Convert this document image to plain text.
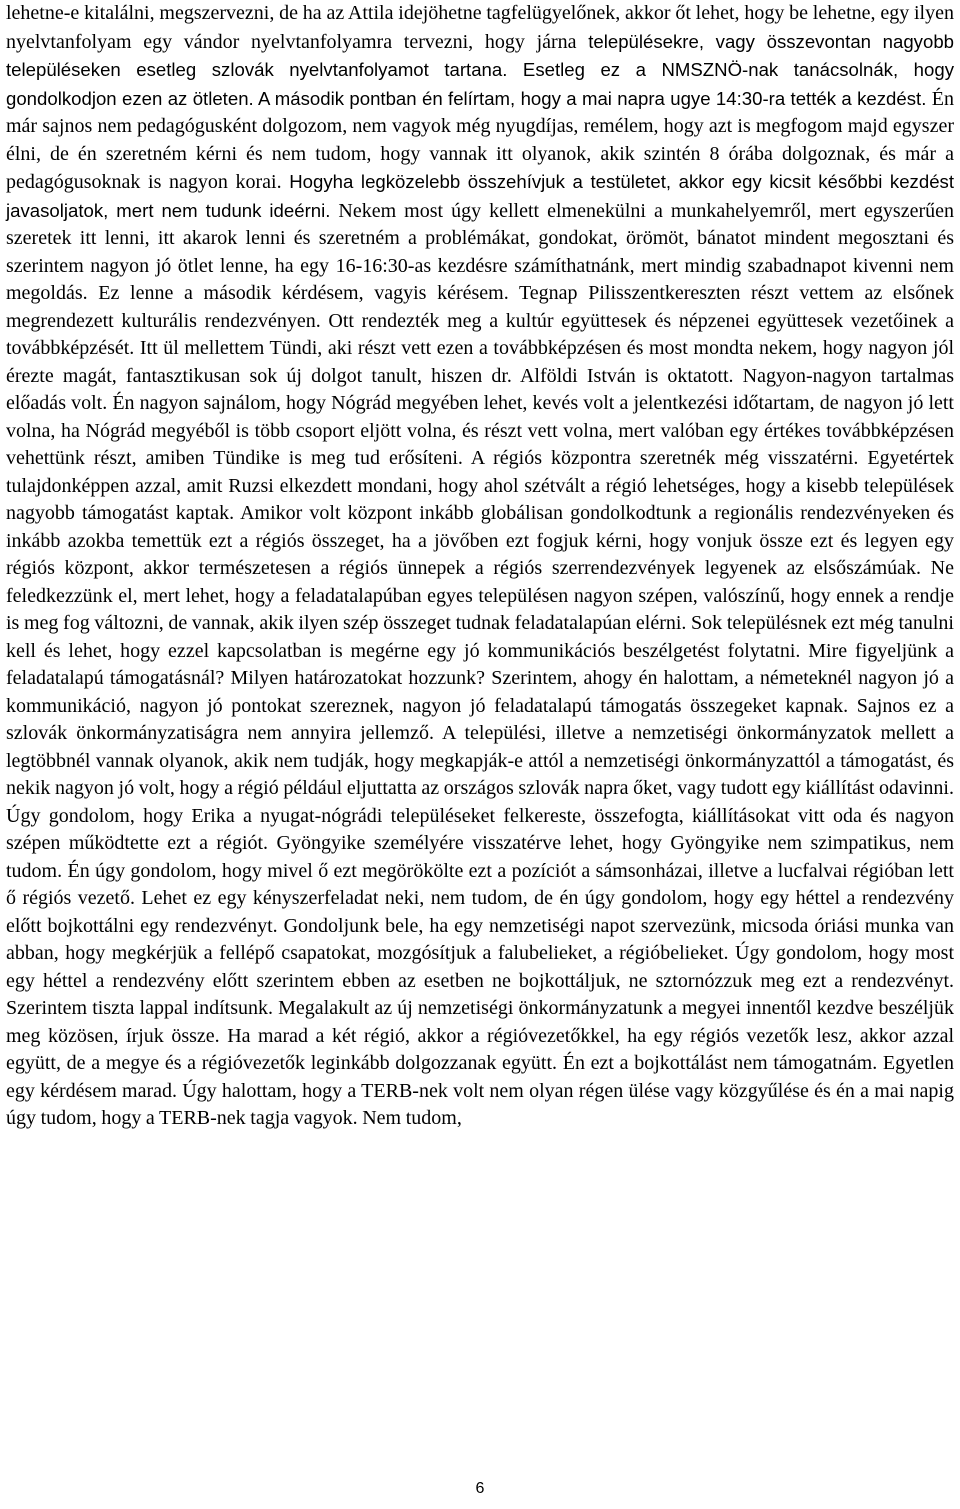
lehetne-e kitalálni, megszervezni, de ha az Attila idejöhetne tagfelügyelőnek, akkor őt lehet, hogy be lehetne, egy ilyen nyelvtanfolyam egy vándor nyelvtanfolyamra tervezni, hogy járna településekre, vagy összevontan nagyobb településeken esetleg szlovák nyelvtanfolyamot tartana. Esetleg ez a NMSZNÖ-nak tanácsolnák, hogy gondolkodjon ezen az ötleten. A második pontban én felírtam, hogy a mai napra ugye 14:30-ra tették a kezdést. Én már sajnos nem pedagógusként dolgozom, nem vagyok még nyugdíjas, remélem, hogy azt is megfogom majd egyszer élni, de én szeretném kérni és nem tudom, hogy vannak itt olyanok, akik szintén 8 órába dolgoznak, és már a pedagógusoknak is nagyon korai. Hogyha legközelebb összehívjuk a testületet, akkor egy kicsit későbbi kezdést javasoljatok, mert nem tudunk ideérni. Nekem most úgy kellett elmenekülni a munkahelyemről, mert egyszerűen szeretek itt lenni, itt akarok lenni és szeretném a problémákat, gondokat, örömöt, bánatot mindent megosztani és szerintem nagyon jó ötlet lenne, ha egy 16-16:30-as kezdésre számíthatnánk, mert mindig szabadnapot kivenni nem megoldás. Ez lenne a második kérdésem, vagyis kérésem. Tegnap Pilisszentkereszten részt vettem az elsőnek megrendezett kulturális rendezvényen. Ott rendezték meg a kultúr együttesek és népzenei együttesek vezetőinek a továbbképzését. Itt ül mellettem Tündi, aki részt vett ezen a továbbképzésen és most mondta nekem, hogy nagyon jól érezte magát, fantasztikusan sok új dolgot tanult, hiszen dr. Alföldi István is oktatott. Nagyon-nagyon tartalmas előadás volt. Én nagyon sajnálom, hogy Nógrád megyében lehet, kevés volt a jelentkezési időtartam, de nagyon jó lett volna, ha Nógrád megyéből is több csoport eljött volna, és részt vett volna, mert valóban egy értékes továbbképzésen vehettünk részt, amiben Tündike is meg tud erősíteni. A régiós központra szeretnék még visszatérni. Egyetértek tulajdonképpen azzal, amit Ruzsi elkezdett mondani, hogy ahol szétvált a régió lehetséges, hogy a kisebb települések nagyobb támogatást kaptak. Amikor volt központ inkább globálisan gondolkodtunk a regionális rendezvényeken és inkább azokba temettük ezt a régiós összeget, ha a jövőben ezt fogjuk kérni, hogy vonjuk össze ezt és legyen egy régiós központ, akkor természetesen a régiós ünnepek a régiós szerrendezvények legyenek az elsőszámúak. Ne feledkezzünk el, mert lehet, hogy a feladatalapúban egyes településen nagyon szépen, valószínű, hogy ennek a rendje is meg fog változni, de vannak, akik ilyen szép összeget tudnak feladatalapúan elérni. Sok településnek ezt még tanulni kell és lehet, hogy ezzel kapcsolatban is megérne egy jó kommunikációs beszélgetést folytatni. Mire figyeljünk a feladatalapú támogatásnál? Milyen határozatokat hozzunk? Szerintem, ahogy én halottam, a németeknél nagyon jó a kommunikáció, nagyon jó pontokat szereznek, nagyon jó feladatalapú támogatás összegeket kapnak. Sajnos ez a szlovák önkormányzatiságra nem annyira jellemző. A települési, illetve a nemzetiségi önkormányzatok mellett a legtöbbnél vannak olyanok, akik nem tudják, hogy megkapják-e attól a nemzetiségi önkormányzattól a támogatást, és nekik nagyon jó volt, hogy a régió például eljuttatta az országos szlovák napra őket, vagy tudott egy kiállítást odavinni. Úgy gondolom, hogy Erika a nyugat-nógrádi településeket felkereste, összefogta, kiállításokat vitt oda és nagyon szépen működtette ezt a régiót. Gyöngyike személyére visszatérve lehet, hogy Gyöngyike nem szimpatikus, nem tudom. Én úgy gondolom, hogy mivel ő ezt megörökölte ezt a pozíciót a sámsonházai, illetve a lucfalvai régióban lett ő régiós vezető. Lehet ez egy kényszerfeladat neki, nem tudom, de én úgy gondolom, hogy egy héttel a rendezvény előtt bojkottálni egy rendezvényt. Gondoljunk bele, ha egy nemzetiségi napot szervezünk, micsoda óriási munka van abban, hogy megkérjük a fellépő csapatokat, mozgósítjuk a falubelieket, a régióbelieket. Úgy gondolom, hogy most egy héttel a rendezvény előtt szerintem ebben az esetben ne bojkottáljuk, ne sztornózzuk meg ezt a rendezvényt. Szerintem tiszta lappal indítsunk. Megalakult az új nemzetiségi önkormányzatunk a megyei innentől kezdve beszéljük meg közösen, írjuk össze. Ha marad a két régió, akkor a régióvezetőkkel, ha egy régiós vezetők lesz, akkor azzal együtt, de a megye és a régióvezetők leginkább dolgozzanak együtt. Én ezt a bojkottálást nem támogatnám. Egyetlen egy kérdésem marad. Úgy halottam, hogy a TERB-nek volt nem olyan régen ülése vagy közgyűlése és én a mai napig úgy tudom, hogy a TERB-nek tagja vagyok. Nem tudom,

6
